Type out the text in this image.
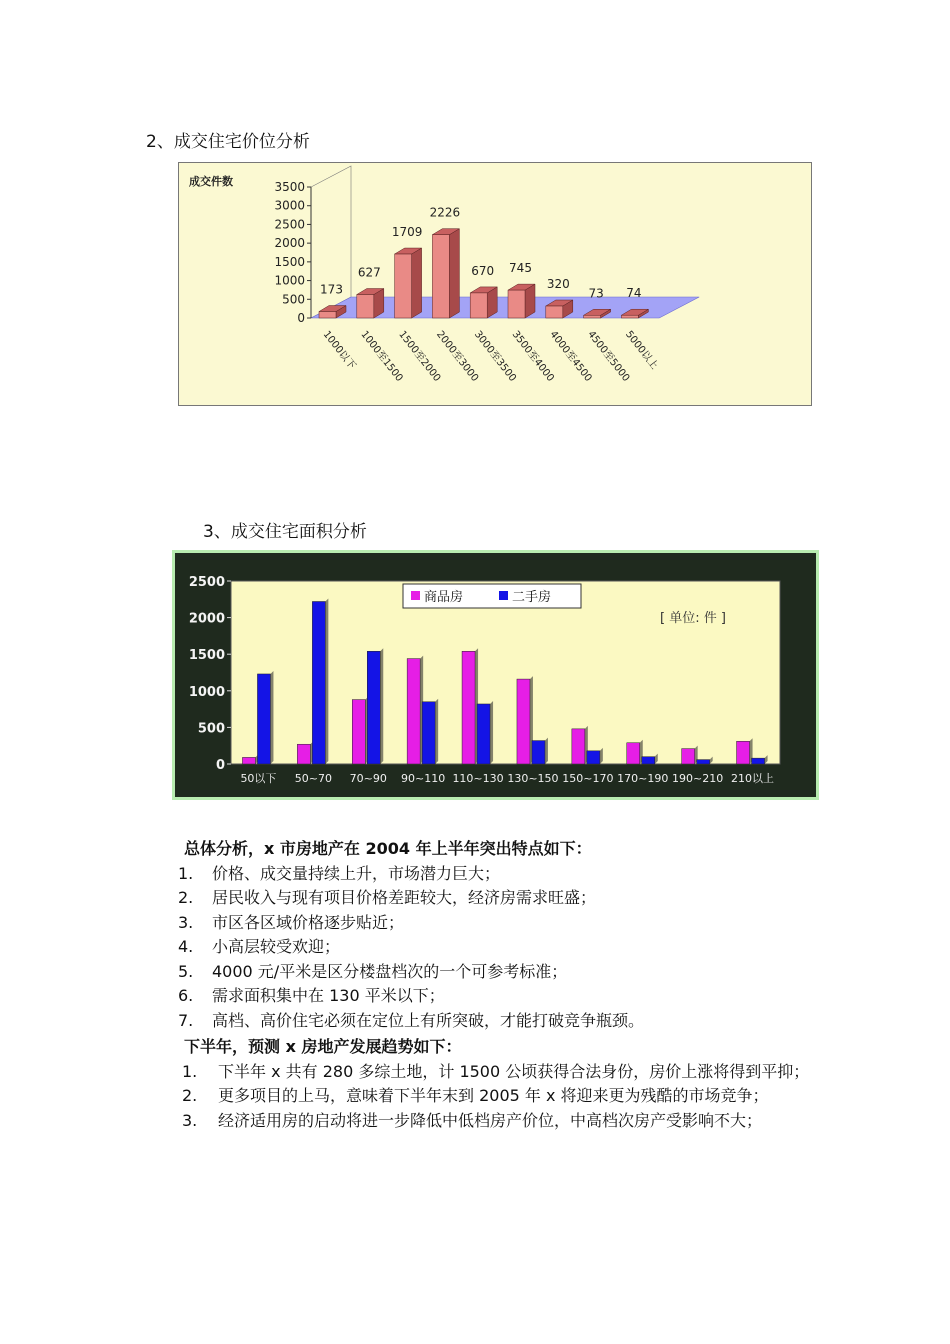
2、成交住宅价位分析
成交件数
0
500
1000
1500
2000
2500
3000
3500
173
1000以下
627
1000至1500
1709
1500至2000
2226
2000至3000
670
3000至3500
745
3500至4000
320
4000至4500
73
4500至5000
74
5000以上
3、成交住宅面积分析
0
500
1000
1500
2000
2500
50以下 50~70 70~90 90~110 110~130 130~150 150~170 170~190 190~210 210以上
商品房	二手房
[ 单位: 件 ]
总体分析，x 市房地产在 2004 年上半年突出特点如下：
1.	价格、成交量持续上升，市场潜力巨大；
2.	居民收入与现有项目价格差距较大，经济房需求旺盛；
3.	市区各区域价格逐步贴近；
4.	小高层较受欢迎；
5.	4000 元/平米是区分楼盘档次的一个可参考标准；
6.	需求面积集中在 130 平米以下；
7.	高档、高价住宅必须在定位上有所突破，才能打破竞争瓶颈。
下半年，预测 x 房地产发展趋势如下：
1.	下半年 x 共有 280 多综土地，计 1500 公顷获得合法身份，房价上涨将得到平抑；
2.	更多项目的上马，意味着下半年末到 2005 年 x 将迎来更为残酷的市场竞争；
3.	经济适用房的启动将进一步降低中低档房产价位，中高档次房产受影响不大；
